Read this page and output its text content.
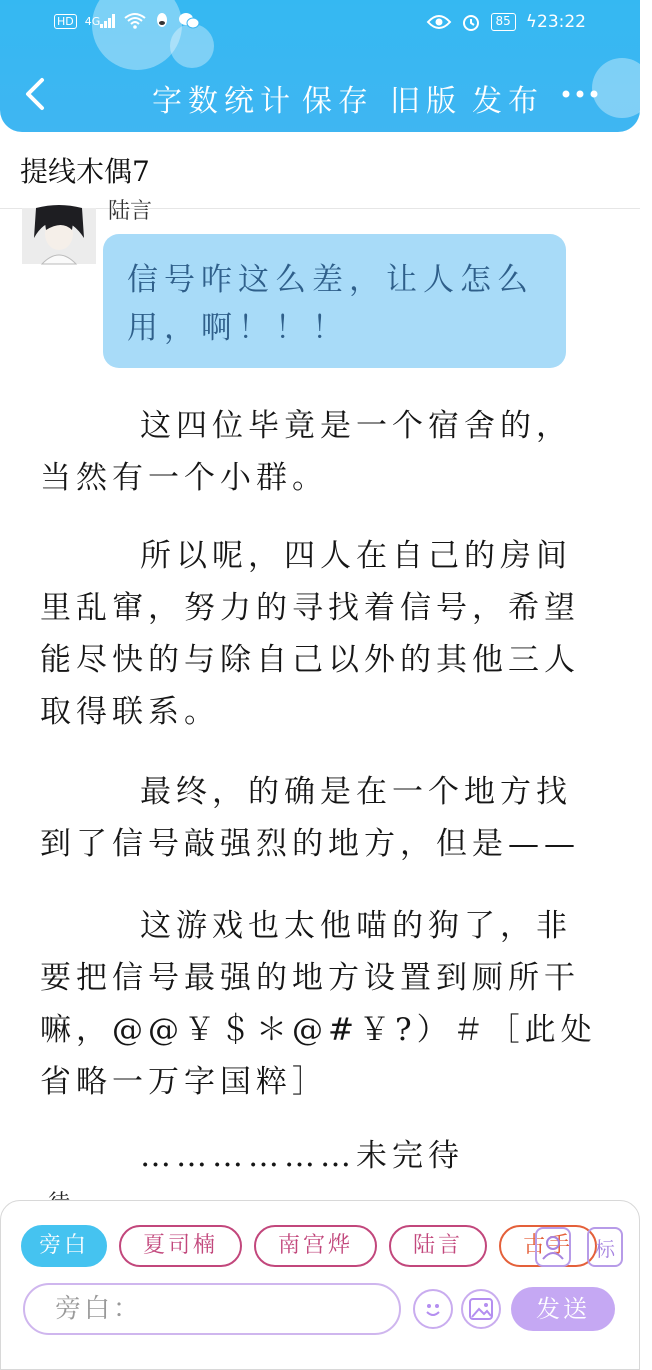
HD 4G	85 ϟ23:22
字数统计 保存 旧版 发布
提线木偶7
陆言
信号咋这么差，让人怎么用，啊！！！

这四位毕竟是一个宿舍的，当然有一个小群。

所以呢，四人在自己的房间里乱窜，努力的寻找着信号，希望能尽快的与除自己以外的其他三人取得联系。

最终，的确是在一个地方找到了信号敲强烈的地方，但是——

这游戏也太他喵的狗了，非要把信号最强的地方设置到厕所干嘛，@@￥＄＊@#￥?）＃［此处省略一万字国粹］

………………未完待

旁白 夏司楠	南宫烨	陆言	古手	标
旁白：	发送
